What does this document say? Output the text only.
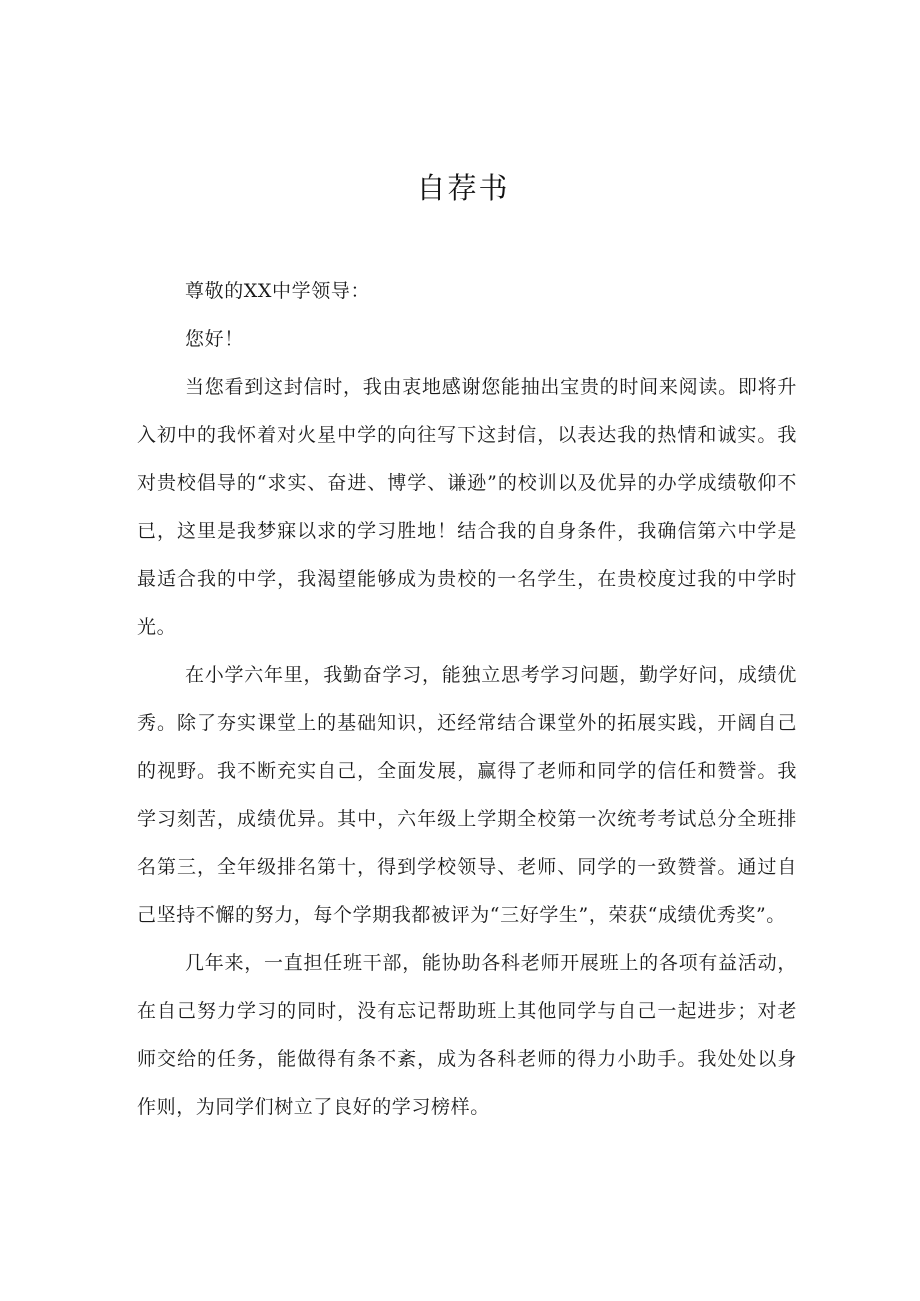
自荐书

尊敬的XX中学领导：

您好！

当您看到这封信时，我由衷地感谢您能抽出宝贵的时间来阅读。即将升入初中的我怀着对火星中学的向往写下这封信，以表达我的热情和诚实。我对贵校倡导的“求实、奋进、博学、谦逊”的校训以及优异的办学成绩敬仰不已，这里是我梦寐以求的学习胜地！结合我的自身条件，我确信第六中学是最适合我的中学，我渴望能够成为贵校的一名学生，在贵校度过我的中学时光。

在小学六年里，我勤奋学习，能独立思考学习问题，勤学好问，成绩优秀。除了夯实课堂上的基础知识，还经常结合课堂外的拓展实践，开阔自己的视野。我不断充实自己，全面发展，赢得了老师和同学的信任和赞誉。我学习刻苦，成绩优异。其中，六年级上学期全校第一次统考考试总分全班排名第三，全年级排名第十，得到学校领导、老师、同学的一致赞誉。通过自己坚持不懈的努力，每个学期我都被评为“三好学生”，荣获“成绩优秀奖”。

几年来，一直担任班干部，能协助各科老师开展班上的各项有益活动，在自己努力学习的同时，没有忘记帮助班上其他同学与自己一起进步；对老师交给的任务，能做得有条不紊，成为各科老师的得力小助手。我处处以身作则，为同学们树立了良好的学习榜样。
